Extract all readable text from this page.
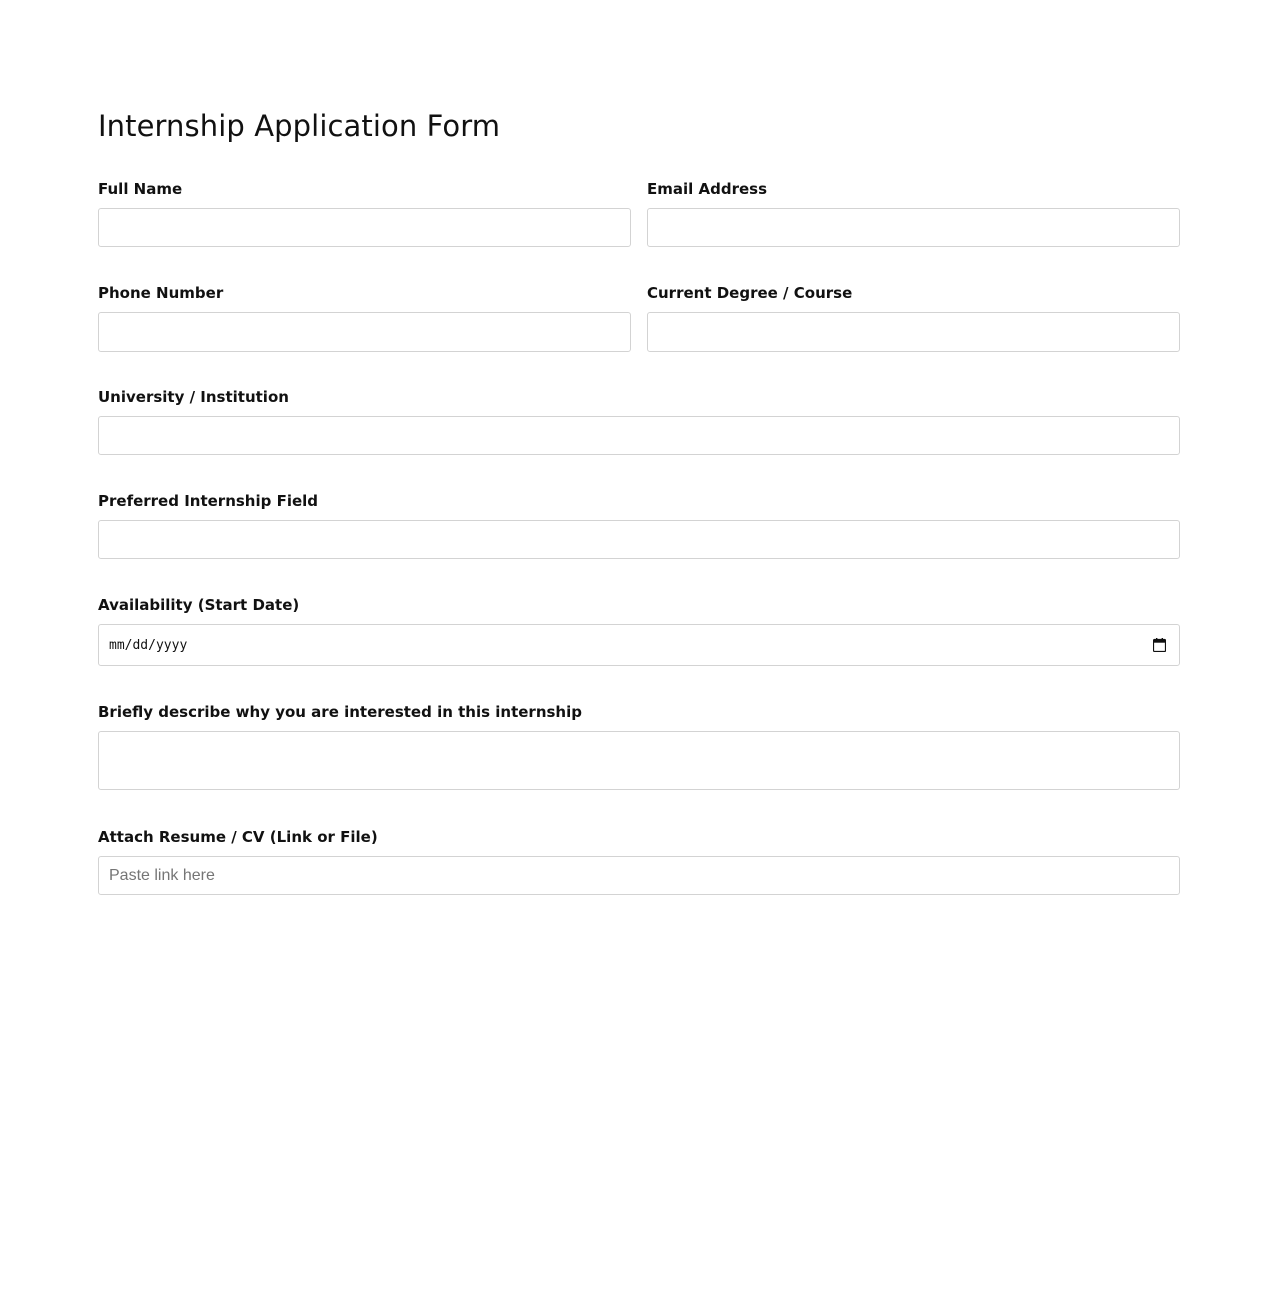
Internship Application Form
Full Name	Email Address
Phone Number	Current Degree / Course
University / Institution
Preferred Internship Field
Availability (Start Date)
mm/dd/yyyy
Briefly describe why you are interested in this internship
Attach Resume / CV (Link or File)
Paste link here
